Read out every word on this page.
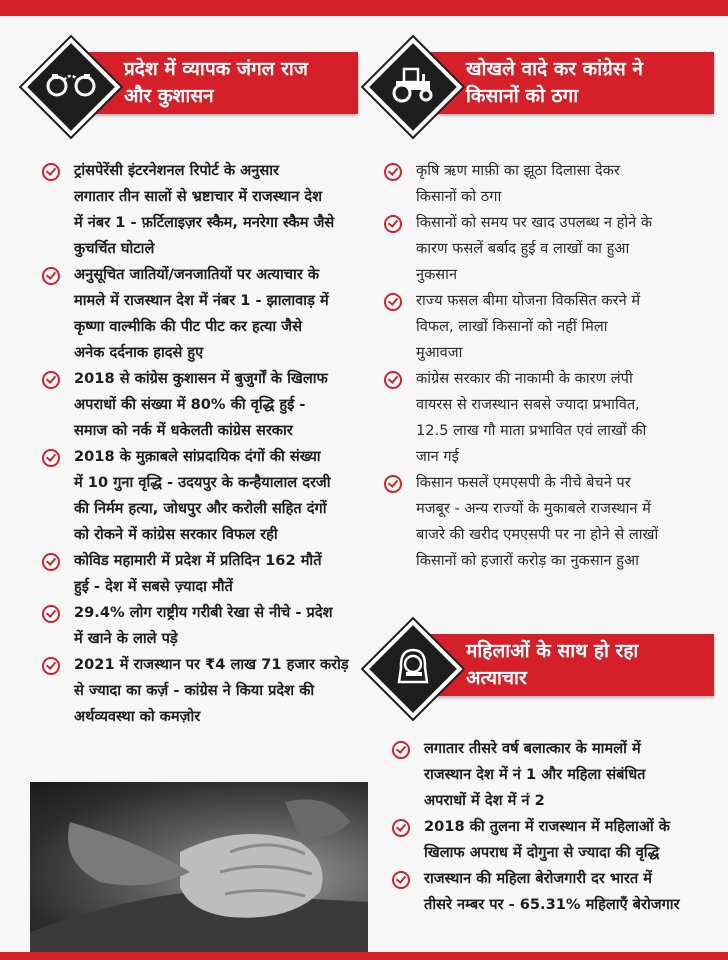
प्रदेश में व्यापक जंगल राज
और कुशासन
खोखले वादे कर कांग्रेस ने
किसानों को ठगा
ट्रांसपेरेंसी इंटरनेशनल रिपोर्ट के अनुसार
लगातार तीन सालों से भ्रष्टाचार में राजस्थान देश
में नंबर 1 - फ़र्टिलाइज़र स्कैम, मनरेगा स्कैम जैसे
कुचर्चित घोटाले
अनुसूचित जातियों/जनजातियों पर अत्याचार के
मामले में राजस्थान देश में नंबर 1 - झालावाड़ में
कृष्णा वाल्मीकि की पीट पीट कर हत्या जैसे
अनेक दर्दनाक हादसे हुए
2018 से कांग्रेस कुशासन में बुजुर्गों के खिलाफ
अपराधों की संख्या में 80% की वृद्धि हुई -
समाज को नर्क में धकेलती कांग्रेस सरकार
2018 के मुक़ाबले सांप्रदायिक दंगों की संख्या
में 10 गुना वृद्धि - उदयपुर के कन्हैयालाल दरजी
की निर्मम हत्या, जोधपुर और करोली सहित दंगों
को रोकने में कांग्रेस सरकार विफल रही
कोविड महामारी में प्रदेश में प्रतिदिन 162 मौतें
हुई - देश में सबसे ज़्यादा मौतें
29.4% लोग राष्ट्रीय गरीबी रेखा से नीचे - प्रदेश
में खाने के लाले पड़े
2021 में राजस्थान पर ₹4 लाख 71 हजार करोड़
से ज्यादा का कर्ज़ - कांग्रेस ने किया प्रदेश की
अर्थव्यवस्था को कमज़ोर
कृषि ऋण माफ़ी का झूठा दिलासा देकर
किसानों को ठगा
किसानों को समय पर खाद उपलब्ध न होने के
कारण फसलें बर्बाद हुई व लाखों का हुआ
नुकसान
राज्य फसल बीमा योजना विकसित करने में
विफल, लाखों किसानों को नहीं मिला
मुआवजा
कांग्रेस सरकार की नाकामी के कारण लंपी
वायरस से राजस्थान सबसे ज्यादा प्रभावित,
12.5 लाख गौ माता प्रभावित एवं लाखों की
जान गई
किसान फसलें एमएसपी के नीचे बेचने पर
मजबूर - अन्य राज्यों के मुकाबले राजस्थान में
बाजरे की खरीद एमएसपी पर ना होने से लाखों
किसानों को हजारों करोड़ का नुकसान हुआ
महिलाओं के साथ हो रहा
अत्याचार
लगातार तीसरे वर्ष बलात्कार के मामलों में
राजस्थान देश में नं 1 और महिला संबंधित
अपराधों में देश में नं 2
2018 की तुलना में राजस्थान में महिलाओं के
खिलाफ अपराध में दोगुना से ज्यादा की वृद्धि
राजस्थान की महिला बेरोजगारी दर भारत में
तीसरे नम्बर पर - 65.31% महिलाएँ बेरोजगार
